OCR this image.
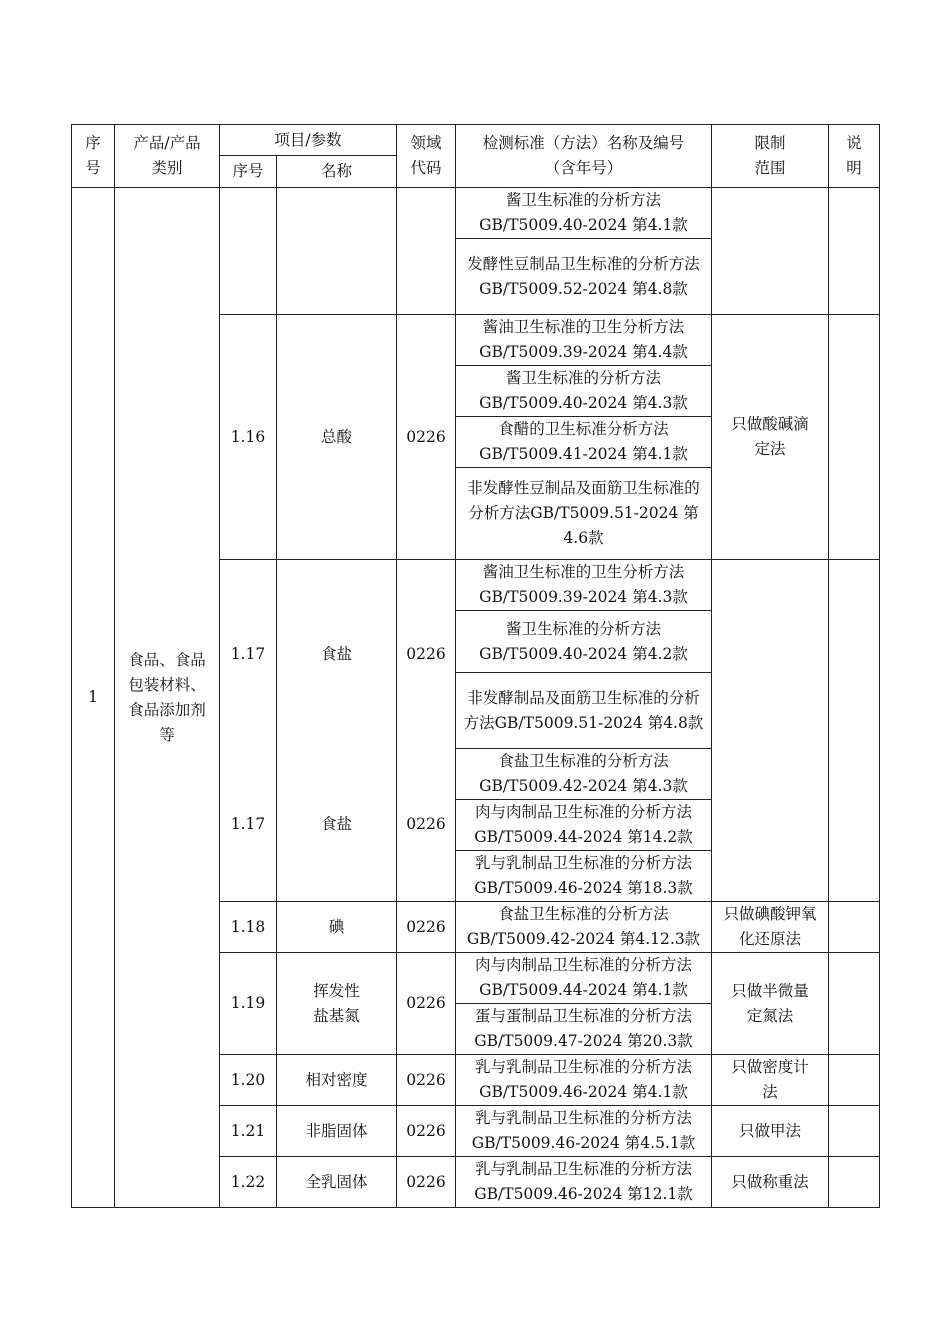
序号	产品/产品类别	项目/参数		领域代码	检测标准（方法）名称及编号（含年号）	限制范围	说明
		序号	名称				
1	食品、食品包装材料、食品添加剂等				酱卫生标准的分析方法GB/T5009.40-2024 第4.1款		
					发酵性豆制品卫生标准的分析方法GB/T5009.52-2024 第4.8款		
		1.16	总酸	0226	酱油卫生标准的卫生分析方法GB/T5009.39-2024 第4.4款	只做酸碱滴定法	
					酱卫生标准的分析方法GB/T5009.40-2024 第4.3款		
					食醋的卫生标准分析方法GB/T5009.41-2024 第4.1款		
					非发酵性豆制品及面筋卫生标准的分析方法GB/T5009.51-2024 第4.6款		
		1.17	食盐	0226	酱油卫生标准的卫生分析方法GB/T5009.39-2024 第4.3款		
					酱卫生标准的分析方法GB/T5009.40-2024 第4.2款		
					非发酵制品及面筋卫生标准的分析方法GB/T5009.51-2024 第4.8款		
		1.17	食盐	0226	食盐卫生标准的分析方法GB/T5009.42-2024 第4.3款		
					肉与肉制品卫生标准的分析方法GB/T5009.44-2024 第14.2款		
					乳与乳制品卫生标准的分析方法GB/T5009.46-2024 第18.3款		
		1.18	碘	0226	食盐卫生标准的分析方法GB/T5009.42-2024 第4.12.3款	只做碘酸钾氧化还原法	
		1.19	挥发性盐基氮	0226	肉与肉制品卫生标准的分析方法GB/T5009.44-2024 第4.1款	只做半微量定氮法	
					蛋与蛋制品卫生标准的分析方法GB/T5009.47-2024 第20.3款		
		1.20	相对密度	0226	乳与乳制品卫生标准的分析方法GB/T5009.46-2024 第4.1款	只做密度计法	
		1.21	非脂固体	0226	乳与乳制品卫生标准的分析方法GB/T5009.46-2024 第4.5.1款	只做甲法	
		1.22	全乳固体	0226	乳与乳制品卫生标准的分析方法GB/T5009.46-2024 第12.1款	只做称重法	
